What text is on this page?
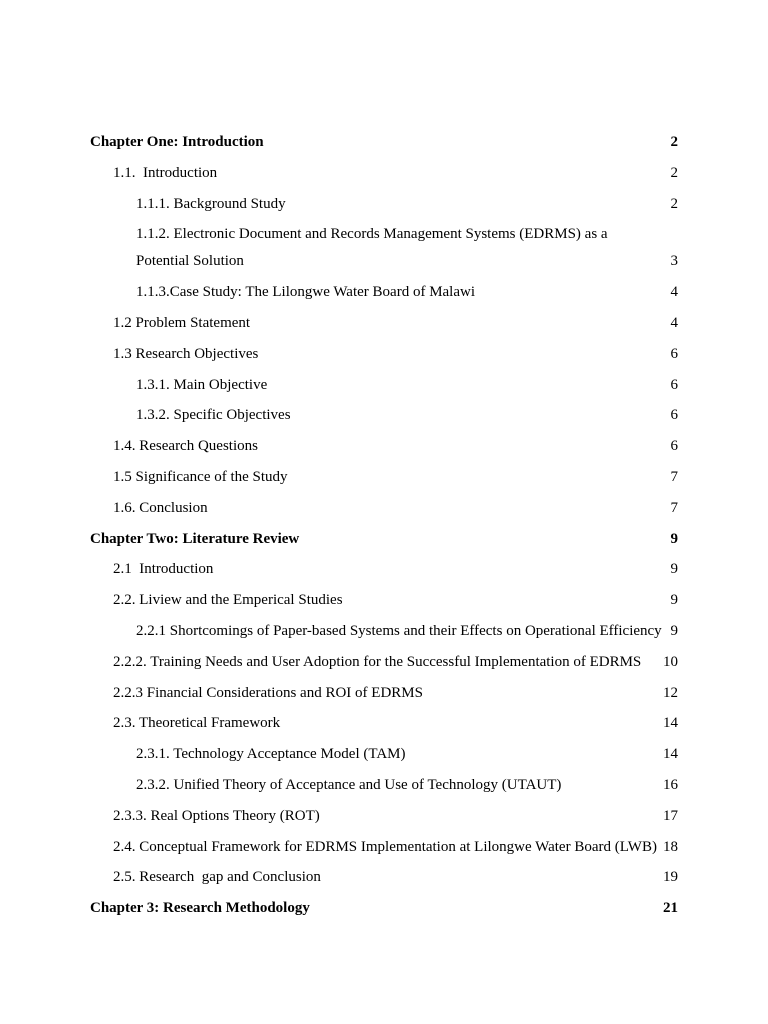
Chapter One: Introduction	2
1.1.  Introduction	2
1.1.1. Background Study	2
1.1.2. Electronic Document and Records Management Systems (EDRMS) as a Potential Solution	3
1.1.3.Case Study: The Lilongwe Water Board of Malawi	4
1.2 Problem Statement	4
1.3 Research Objectives	6
1.3.1. Main Objective	6
1.3.2. Specific Objectives	6
1.4. Research Questions	6
1.5 Significance of the Study	7
1.6. Conclusion	7
Chapter Two: Literature Review	9
2.1  Introduction	9
2.2. Liview and the Emperical Studies	9
2.2.1 Shortcomings of Paper-based Systems and their Effects on Operational Efficiency 9
2.2.2. Training Needs and User Adoption for the Successful Implementation of EDRMS	10
2.2.3 Financial Considerations and ROI of EDRMS	12
2.3. Theoretical Framework	14
2.3.1. Technology Acceptance Model (TAM)	14
2.3.2. Unified Theory of Acceptance and Use of Technology (UTAUT)	16
2.3.3. Real Options Theory (ROT)	17
2.4. Conceptual Framework for EDRMS Implementation at Lilongwe Water Board (LWB) 18
2.5. Research  gap and Conclusion	19
Chapter 3: Research Methodology	21
